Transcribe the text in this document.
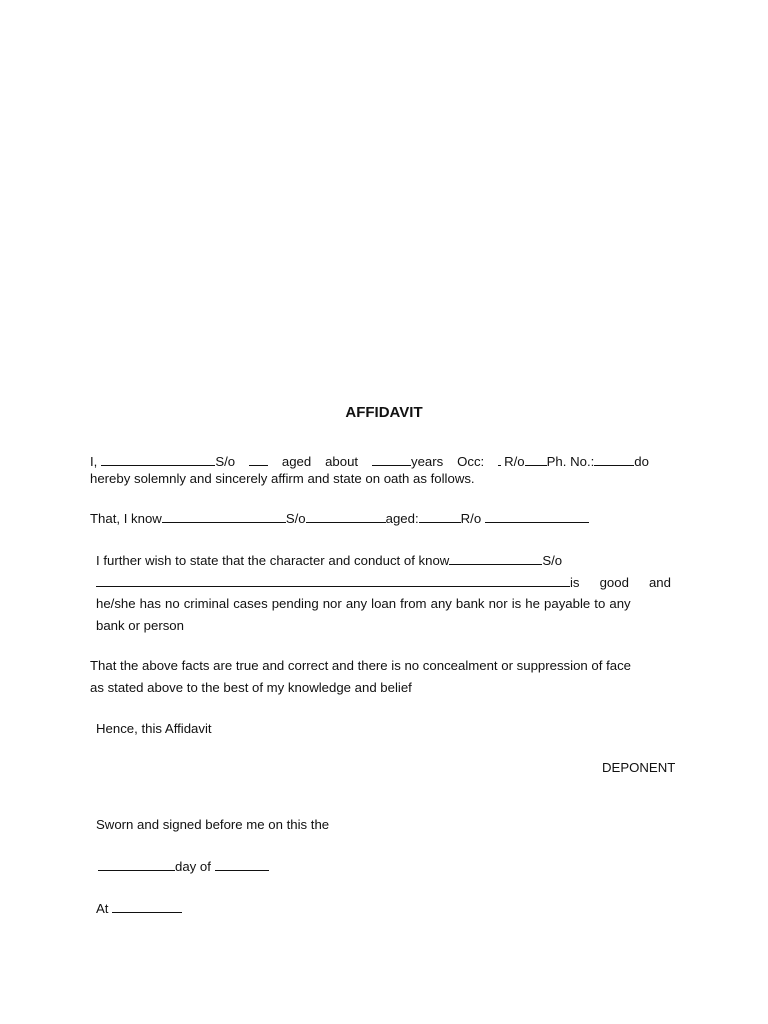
AFFIDAVIT
I,	S/o	aged about	years Occ:	R/o Ph. No.:	do
hereby solemnly and sincerely affirm and state on oath as follows.
That, I know	S/o	aged:	R/o
I further wish to state that the character and conduct of know	S/o
is good and
he/she has no criminal cases pending nor any loan from any bank nor is he payable to any
bank or person
That the above facts are true and correct and there is no concealment or suppression of face
as stated above to the best of my knowledge and belief
Hence, this Affidavit
DEPONENT
Sworn and signed before me on this the
day of
At
